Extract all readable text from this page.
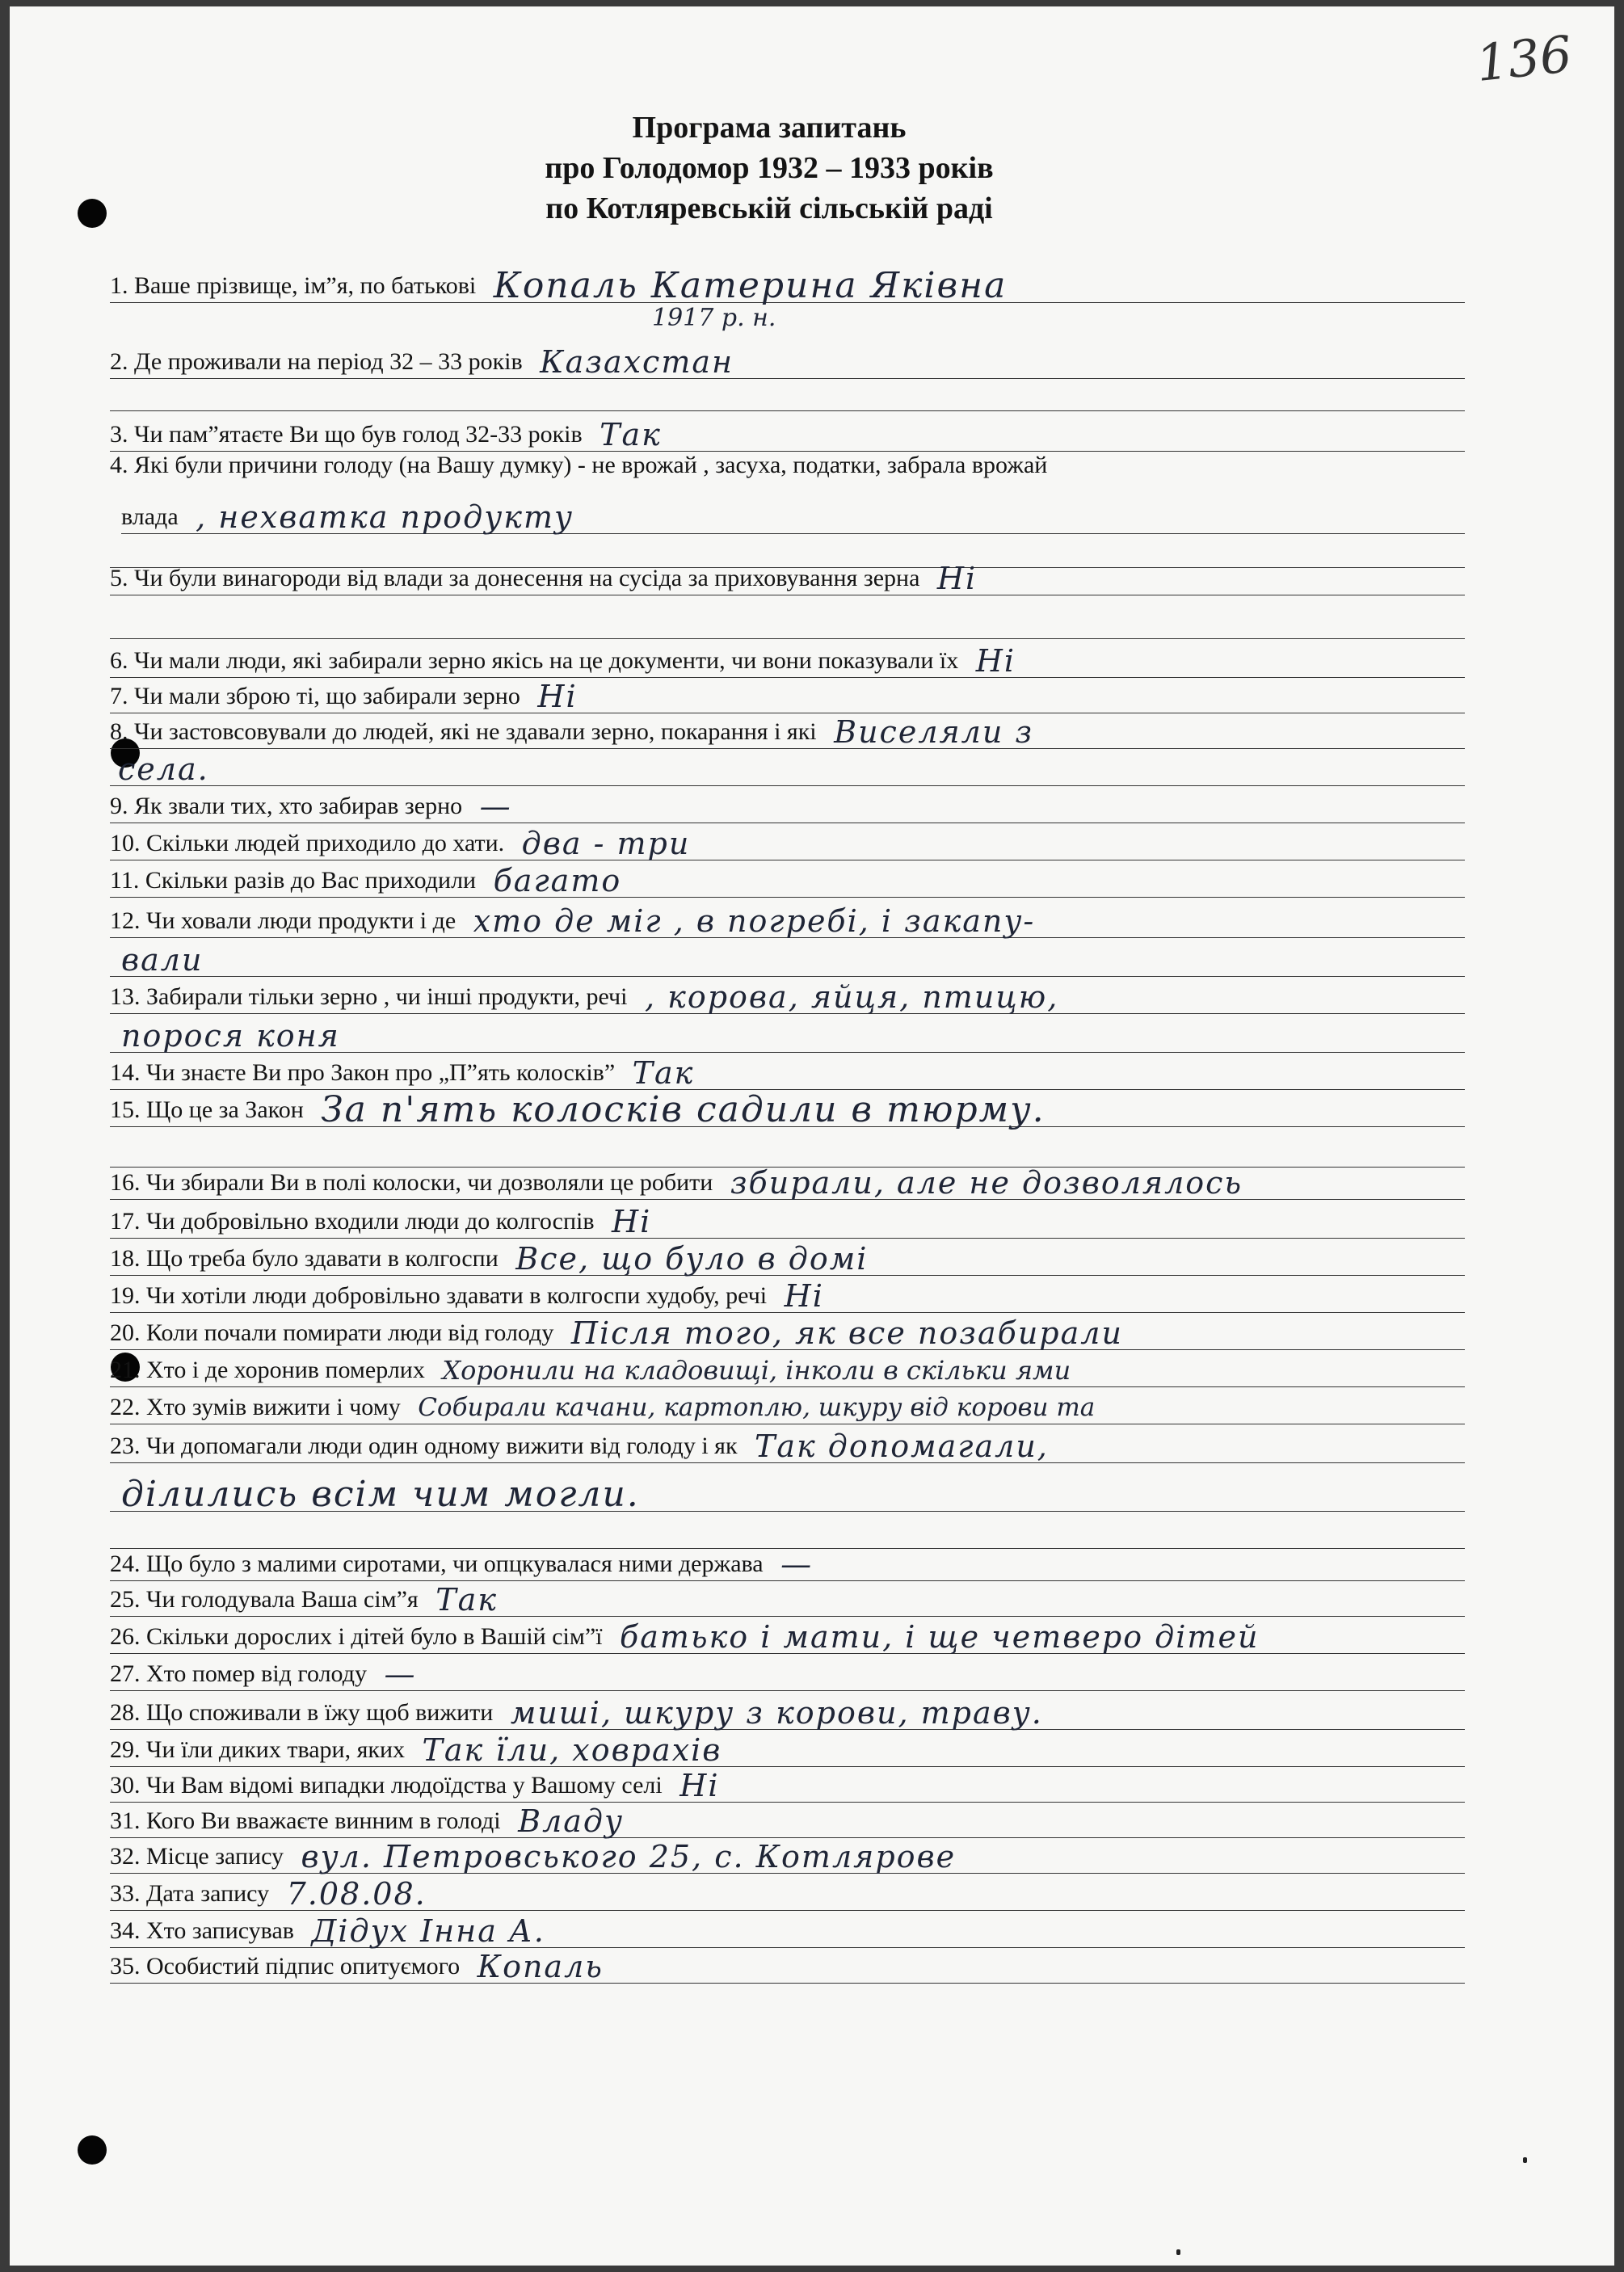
136
Програма запитань
про Голодомор 1932 – 1933 років
по Котляревській сільській раді
1917 р. н.
1. Ваше прізвище, ім”я, по батькові Копаль Катерина Яківна
2. Де проживали на період 32 – 33 років Казахстан
3. Чи пам”ятаєте Ви що був голод 32-33 років Так
4. Які були причини голоду (на Вашу думку) - не врожай , засуха, податки, забрала врожай
влада , нехватка продукту
5. Чи були винагороди від влади за донесення на сусіда за приховування зерна Ні
6. Чи мали люди, які забирали зерно якісь на це документи, чи вони показували їх Ні
7. Чи мали зброю ті, що забирали зерно Ні
8. Чи застовсовували до людей, які не здавали зерно, покарання і які Виселяли з
села.
9. Як звали тих, хто забирав зерно —
10. Скільки людей приходило до хати. два - три
11. Скільки разів до Вас приходили багато
12. Чи ховали люди продукти і де хто де міг , в погребі, і закапу-
вали
13. Забирали тільки зерно , чи інші продукти, речі , корова, яйця, птицю,
порося коня
14. Чи знаєте Ви про Закон про „П”ять колосків” Так
15. Що це за Закон За п'ять колосків садили в тюрму.
16. Чи збирали Ви в полі колоски, чи дозволяли це робити збирали, але не дозволялось
17. Чи добровільно входили люди до колгоспів Ні
18. Що треба було здавати в колгоспи Все, що було в домі
19. Чи хотіли люди добровільно здавати в колгоспи худобу, речі Ні
20. Коли почали помирати люди від голоду Після того, як все позабирали
21. Хто і де хоронив померлих Хоронили на кладовищі, інколи в скільки ями
22. Хто зумів вижити і чому Собирали качани, картоплю, шкуру від корови та
23. Чи допомагали люди один одному вижити від голоду і як Так допомагали,
ділились всім чим могли.
24. Що було з малими сиротами, чи опцкувалася ними держава —
25. Чи голодувала Ваша сім”я Так
26. Скільки дорослих і дітей було в Вашій сім”ї батько і мати, і ще четверо дітей
27. Хто помер від голоду —
28. Що споживали в їжу щоб вижити миші, шкуру з корови, траву.
29. Чи їли диких твари, яких Так їли, ховрахів
30. Чи Вам відомі випадки людоїдства у Вашому селі Ні
31. Кого Ви вважаєте винним в голоді Владу
32. Місце запису вул. Петровського 25, с. Котлярове
33. Дата запису 7.08.08.
34. Хто записував Дідух Інна А.
35. Особистий підпис опитуємого Копаль
